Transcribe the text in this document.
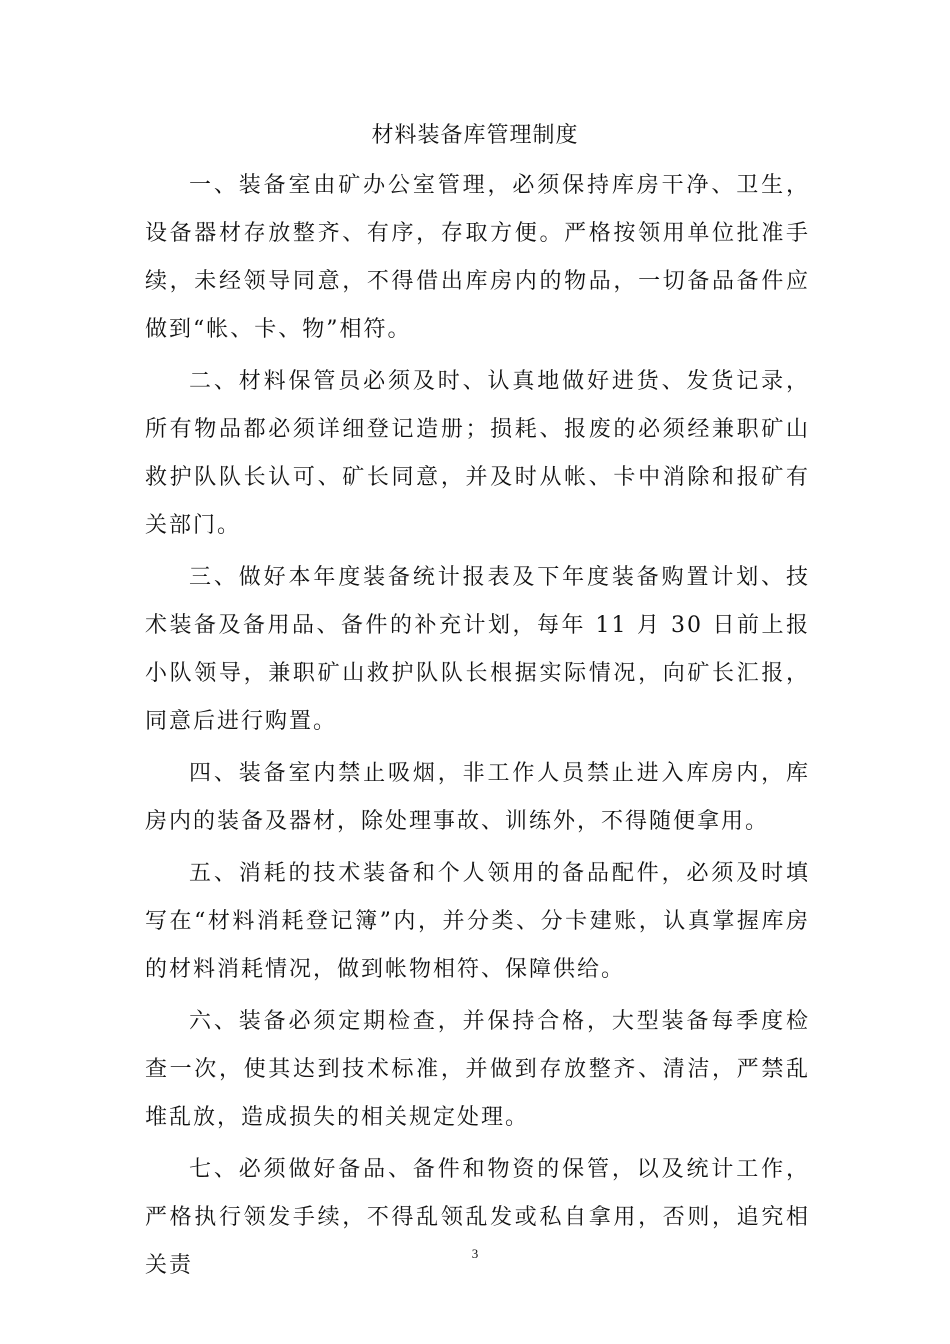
材料装备库管理制度

一、装备室由矿办公室管理，必须保持库房干净、卫生，设备器材存放整齐、有序，存取方便。严格按领用单位批准手续，未经领导同意，不得借出库房内的物品，一切备品备件应做到“帐、卡、物”相符。

二、材料保管员必须及时、认真地做好进货、发货记录，所有物品都必须详细登记造册；损耗、报废的必须经兼职矿山救护队队长认可、矿长同意，并及时从帐、卡中消除和报矿有关部门。

三、做好本年度装备统计报表及下年度装备购置计划、技术装备及备用品、备件的补充计划，每年 11 月 30 日前上报小队领导，兼职矿山救护队队长根据实际情况，向矿长汇报，同意后进行购置。

四、装备室内禁止吸烟，非工作人员禁止进入库房内，库房内的装备及器材，除处理事故、训练外，不得随便拿用。

五、消耗的技术装备和个人领用的备品配件，必须及时填写在“材料消耗登记簿”内，并分类、分卡建账，认真掌握库房的材料消耗情况，做到帐物相符、保障供给。

六、装备必须定期检查，并保持合格，大型装备每季度检查一次，使其达到技术标准，并做到存放整齐、清洁，严禁乱堆乱放，造成损失的相关规定处理。

七、必须做好备品、备件和物资的保管，以及统计工作，严格执行领发手续，不得乱领乱发或私自拿用，否则，追究相关责	3
